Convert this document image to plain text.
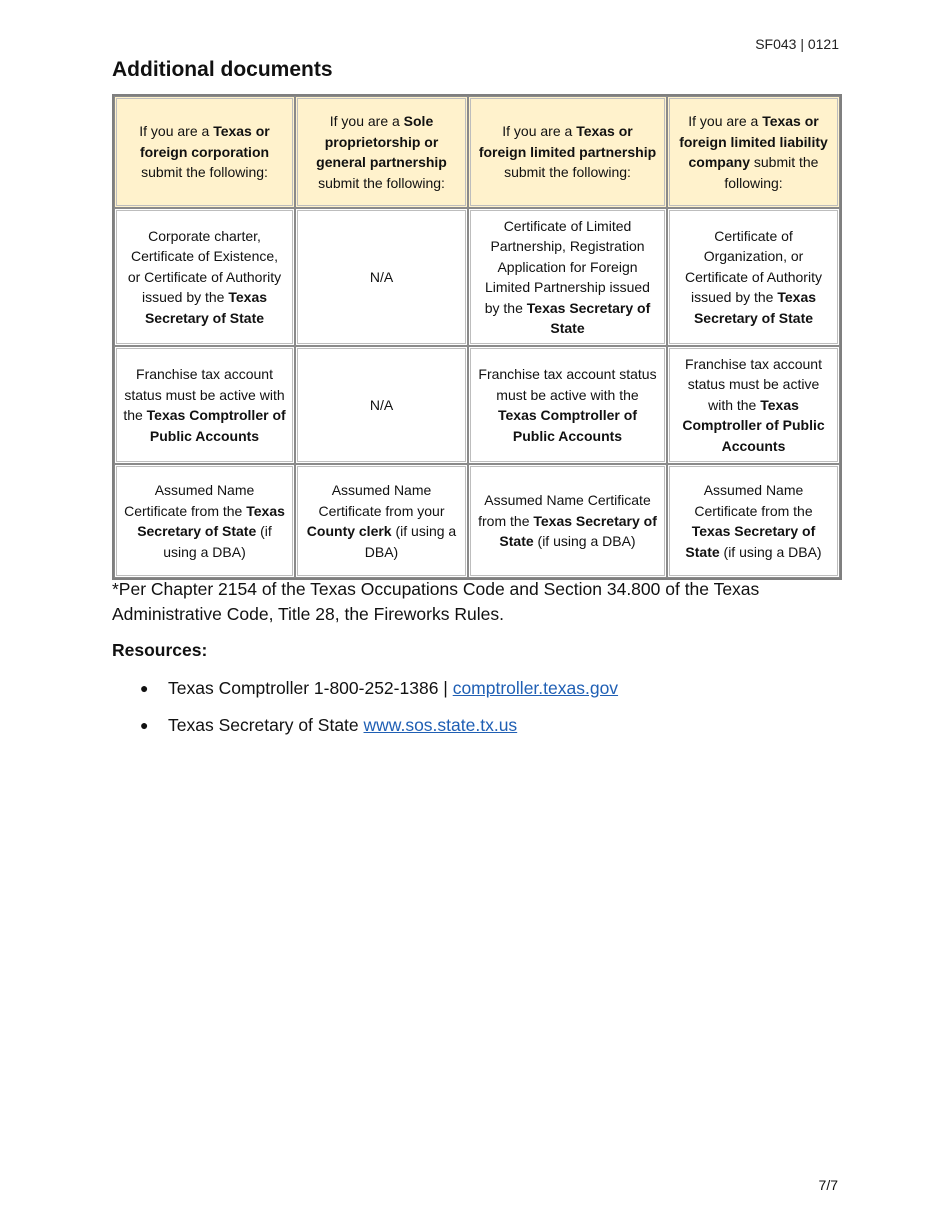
SF043 | 0121
Additional documents
If you are a Texas or foreign corporation submit the following:	If you are a Sole proprietorship or general partnership submit the following:	If you are a Texas or foreign limited partnership submit the following:	If you are a Texas or foreign limited liability company submit the following:
Corporate charter, Certificate of Existence, or Certificate of Authority issued by the Texas Secretary of State	N/A	Certificate of Limited Partnership, Registration Application for Foreign Limited Partnership issued by the Texas Secretary of State	Certificate of Organization, or Certificate of Authority issued by the Texas Secretary of State
Franchise tax account status must be active with the Texas Comptroller of Public Accounts	N/A	Franchise tax account status must be active with the Texas Comptroller of Public Accounts	Franchise tax account status must be active with the Texas Comptroller of Public Accounts
Assumed Name Certificate from the Texas Secretary of State (if using a DBA)	Assumed Name Certificate from your County clerk (if using a DBA)	Assumed Name Certificate from the Texas Secretary of State (if using a DBA)	Assumed Name Certificate from the Texas Secretary of State (if using a DBA)

*Per Chapter 2154 of the Texas Occupations Code and Section 34.800 of the Texas Administrative Code, Title 28, the Fireworks Rules.

Resources:
● Texas Comptroller 1-800-252-1386 | comptroller.texas.gov
● Texas Secretary of State www.sos.state.tx.us
7/7
